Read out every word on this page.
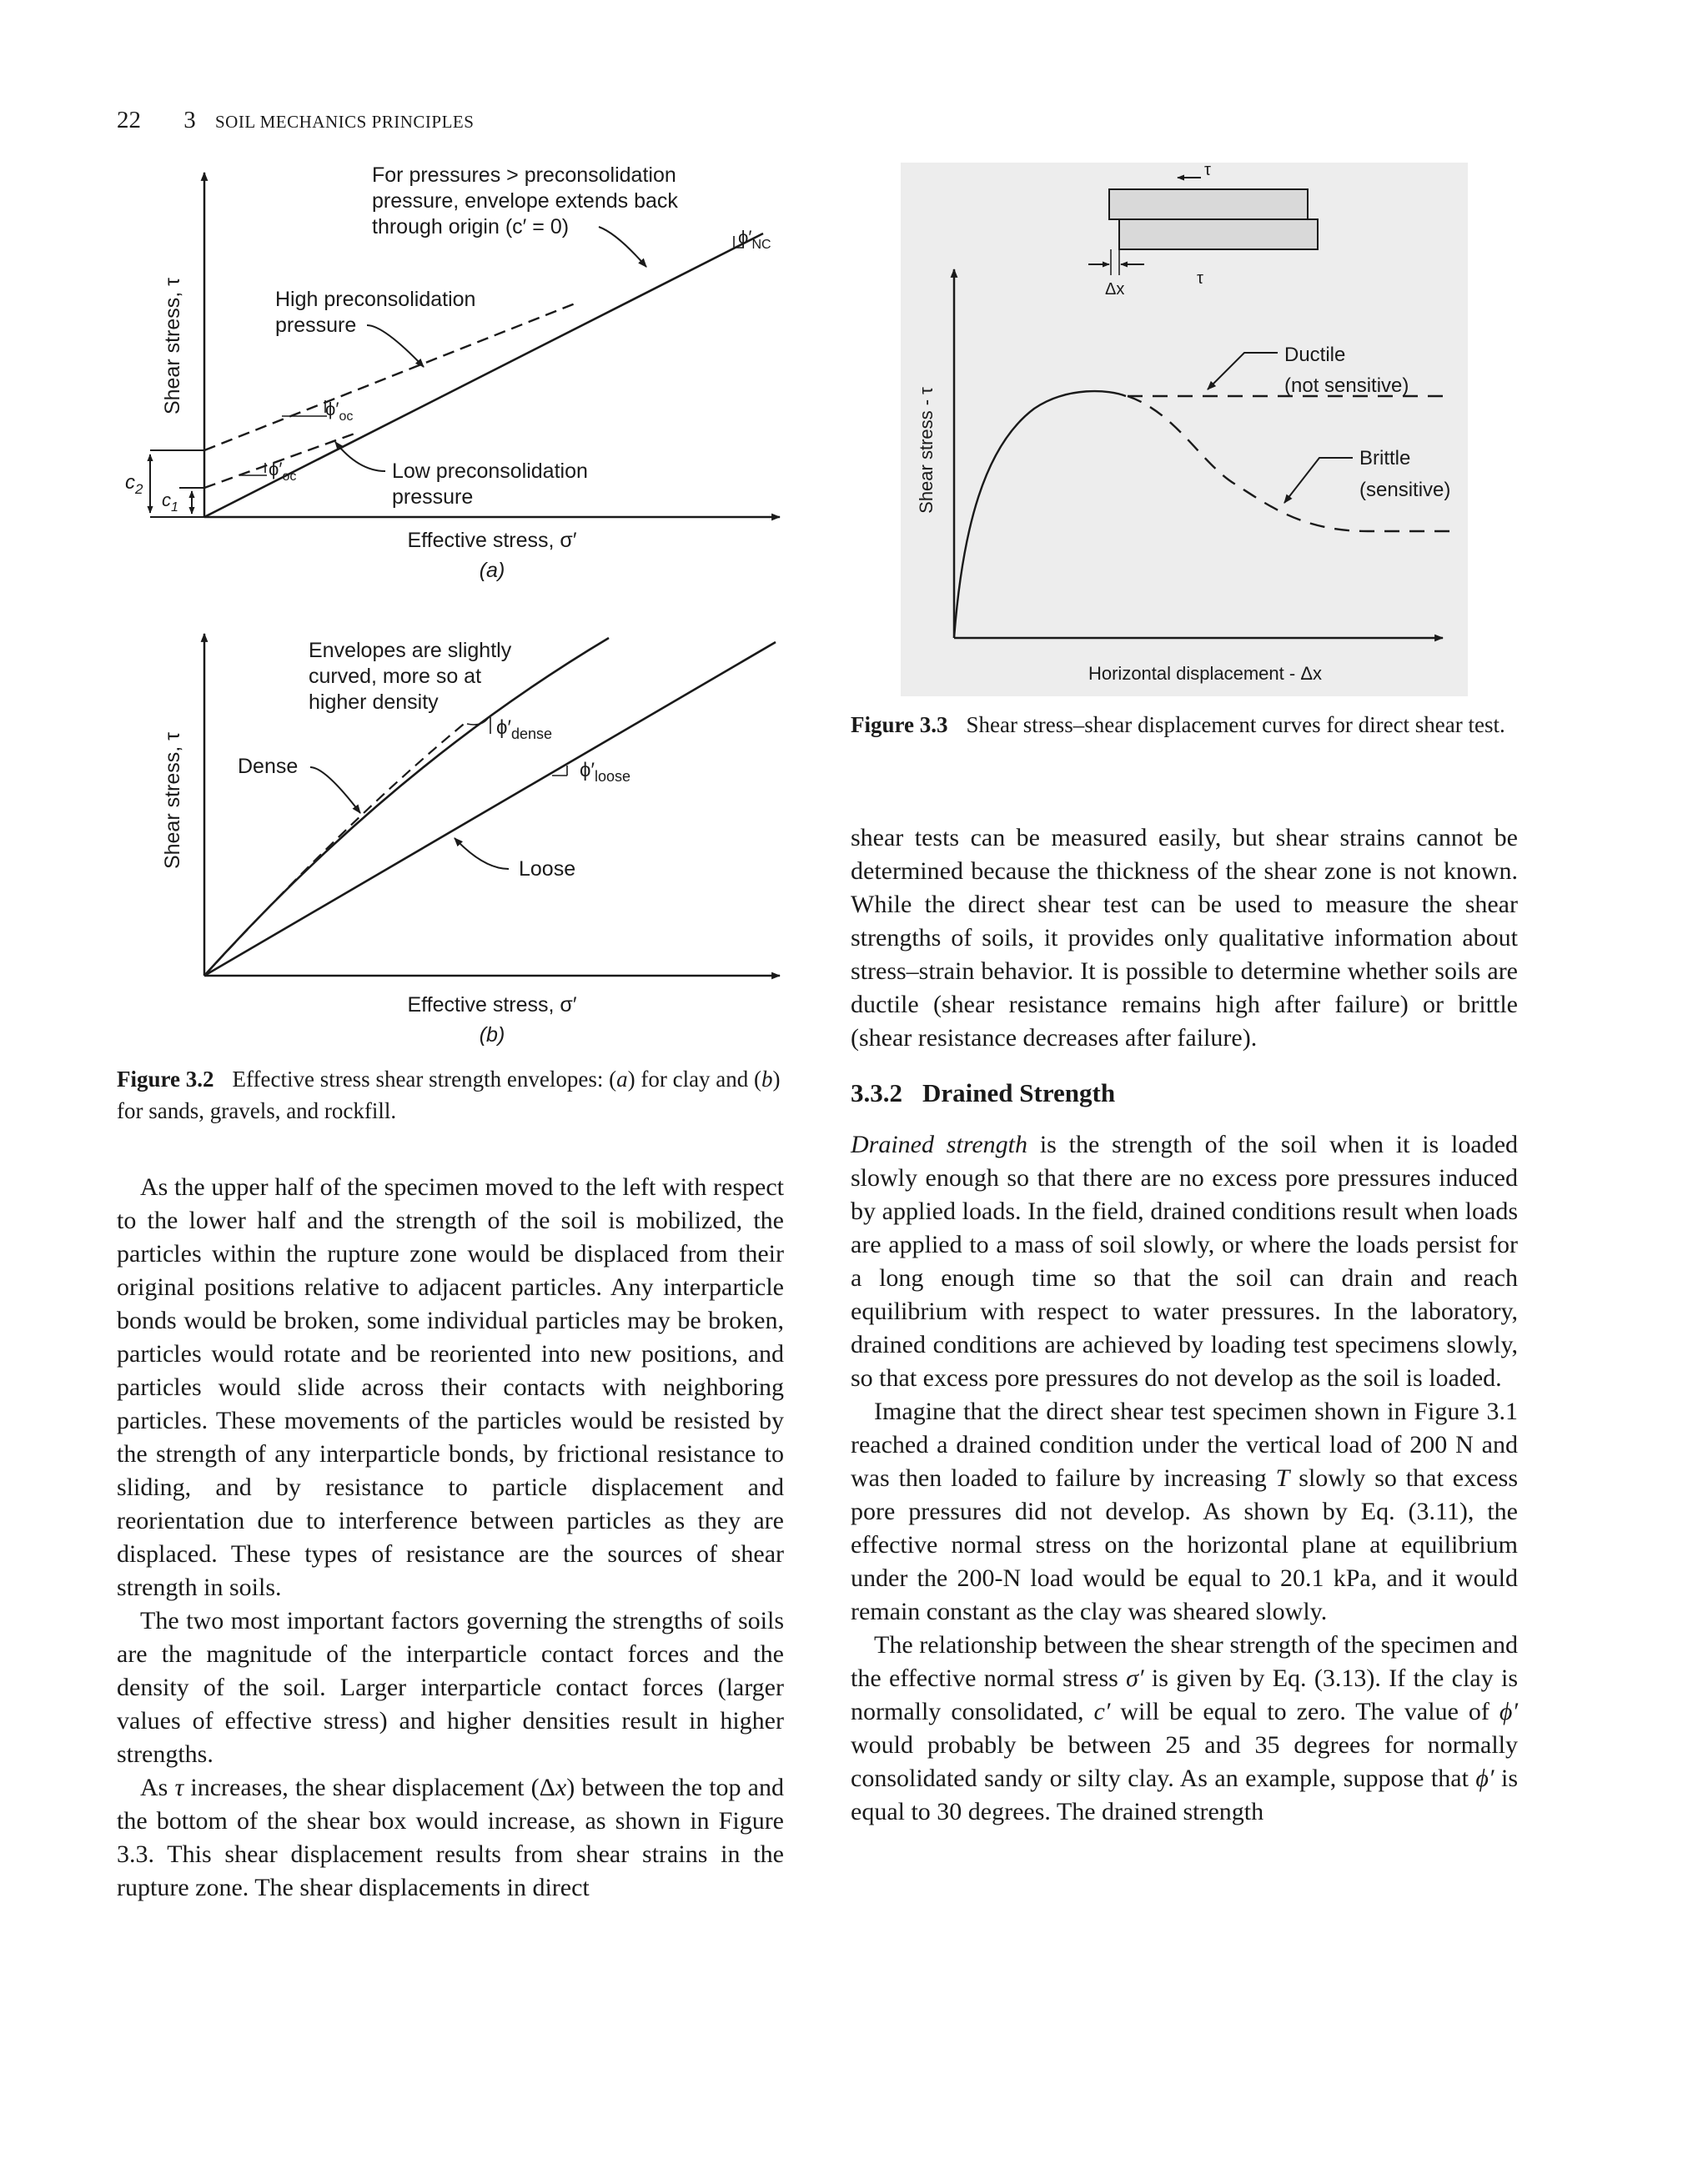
22 3 SOIL MECHANICS PRINCIPLES
$c_2$
$c_1$
Shear stress, τ
For pressures > preconsolidation pressure, envelope extends back through origin (c′ = 0)	$\phi'_{NC}$
High preconsolidation pressure
$\phi'_{oc}$
$\phi'_{oc}$	Low preconsolidation pressure
Effective stress, σ′
(a)
Shear stress, τ
Envelopes are slightly curved, more so at higher density
$\phi'_{dense}$
$\phi'_{loose}$
Dense
Loose
Effective stress, σ′
(b)
Figure 3.2 Effective stress shear strength envelopes: (a) for clay and (b) for sands, gravels, and rockfill.
τ
Δx
τ
Shear stress - τ
Horizontal displacement - Δx
Ductile (not sensitive)
Brittle (sensitive)
Figure 3.3 Shear stress–shear displacement curves for direct shear test.

As the upper half of the specimen moved to the left with respect to the lower half and the strength of the soil is mobilized, the particles within the rupture zone would be displaced from their original positions relative to adjacent particles. Any interparticle bonds would be broken, some individual particles may be broken, particles would rotate and be reoriented into new positions, and particles would slide across their contacts with neighboring particles. These movements of the particles would be resisted by the strength of any interparticle bonds, by frictional resistance to sliding, and by resistance to particle displacement and reorientation due to interference between particles as they are displaced. These types of resistance are the sources of shear strength in soils.

The two most important factors governing the strengths of soils are the magnitude of the interparticle contact forces and the density of the soil. Larger interparticle contact forces (larger values of effective stress) and higher densities result in higher strengths.

As τ increases, the shear displacement (Δx) between the top and the bottom of the shear box would increase, as shown in Figure 3.3. This shear displacement results from shear strains in the rupture zone. The shear displacements in direct

shear tests can be measured easily, but shear strains cannot be determined because the thickness of the shear zone is not known. While the direct shear test can be used to measure the shear strengths of soils, it provides only qualitative information about stress–strain behavior. It is possible to determine whether soils are ductile (shear resistance remains high after failure) or brittle (shear resistance decreases after failure).

3.3.2 Drained Strength

Drained strength is the strength of the soil when it is loaded slowly enough so that there are no excess pore pressures induced by applied loads. In the field, drained conditions result when loads are applied to a mass of soil slowly, or where the loads persist for a long enough time so that the soil can drain and reach equilibrium with respect to water pressures. In the laboratory, drained conditions are achieved by loading test specimens slowly, so that excess pore pressures do not develop as the soil is loaded.

Imagine that the direct shear test specimen shown in Figure 3.1 reached a drained condition under the vertical load of 200 N and was then loaded to failure by increasing T slowly so that excess pore pressures did not develop. As shown by Eq. (3.11), the effective normal stress on the horizontal plane at equilibrium under the 200-N load would be equal to 20.1 kPa, and it would remain constant as the clay was sheared slowly.

The relationship between the shear strength of the specimen and the effective normal stress σ′ is given by Eq. (3.13). If the clay is normally consolidated, c′ will be equal to zero. The value of ϕ′ would probably be between 25 and 35 degrees for normally consolidated sandy or silty clay. As an example, suppose that ϕ′ is equal to 30 degrees. The drained strength
